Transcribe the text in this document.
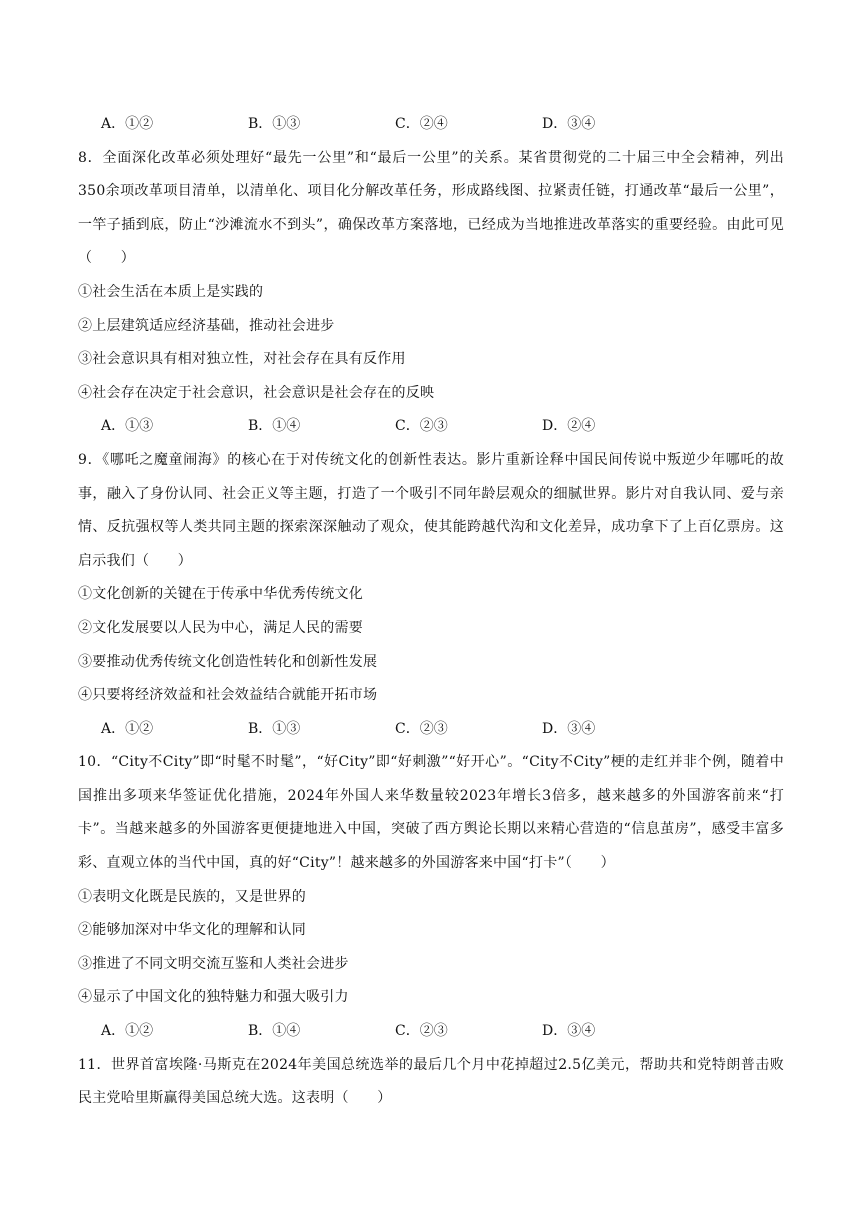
A．①②	B．①③	C．②④	D．③④

8．全面深化改革必须处理好“最先一公里”和“最后一公里”的关系。某省贯彻党的二十届三中全会精神，列出350余项改革项目清单，以清单化、项目化分解改革任务，形成路线图、拉紧责任链，打通改革“最后一公里”，一竿子插到底，防止“沙滩流水不到头”，确保改革方案落地，已经成为当地推进改革落实的重要经验。由此可见（　　）

①社会生活在本质上是实践的
②上层建筑适应经济基础，推动社会进步
③社会意识具有相对独立性，对社会存在具有反作用
④社会存在决定于社会意识，社会意识是社会存在的反映
A．①③	B．①④	C．②③	D．②④

9．《哪吒之魔童闹海》的核心在于对传统文化的创新性表达。影片重新诠释中国民间传说中叛逆少年哪吒的故事，融入了身份认同、社会正义等主题，打造了一个吸引不同年龄层观众的细腻世界。影片对自我认同、爱与亲情、反抗强权等人类共同主题的探索深深触动了观众，使其能跨越代沟和文化差异，成功拿下了上百亿票房。这启示我们（　　）

①文化创新的关键在于传承中华优秀传统文化
②文化发展要以人民为中心，满足人民的需要
③要推动优秀传统文化创造性转化和创新性发展
④只要将经济效益和社会效益结合就能开拓市场
A．①②	B．①③	C．②③	D．③④

10．“City不City”即“时髦不时髦”，“好City”即“好刺激”“好开心”。“City不City”梗的走红并非个例，随着中国推出多项来华签证优化措施，2024年外国人来华数量较2023年增长3倍多，越来越多的外国游客前来“打卡”。当越来越多的外国游客更便捷地进入中国，突破了西方舆论长期以来精心营造的“信息茧房”，感受丰富多彩、直观立体的当代中国，真的好“City”！越来越多的外国游客来中国“打卡”（　　）

①表明文化既是民族的，又是世界的
②能够加深对中华文化的理解和认同
③推进了不同文明交流互鉴和人类社会进步
④显示了中国文化的独特魅力和强大吸引力
A．①②	B．①④	C．②③	D．③④

11．世界首富埃隆·马斯克在2024年美国总统选举的最后几个月中花掉超过2.5亿美元，帮助共和党特朗普击败民主党哈里斯赢得美国总统大选。这表明（　　）
